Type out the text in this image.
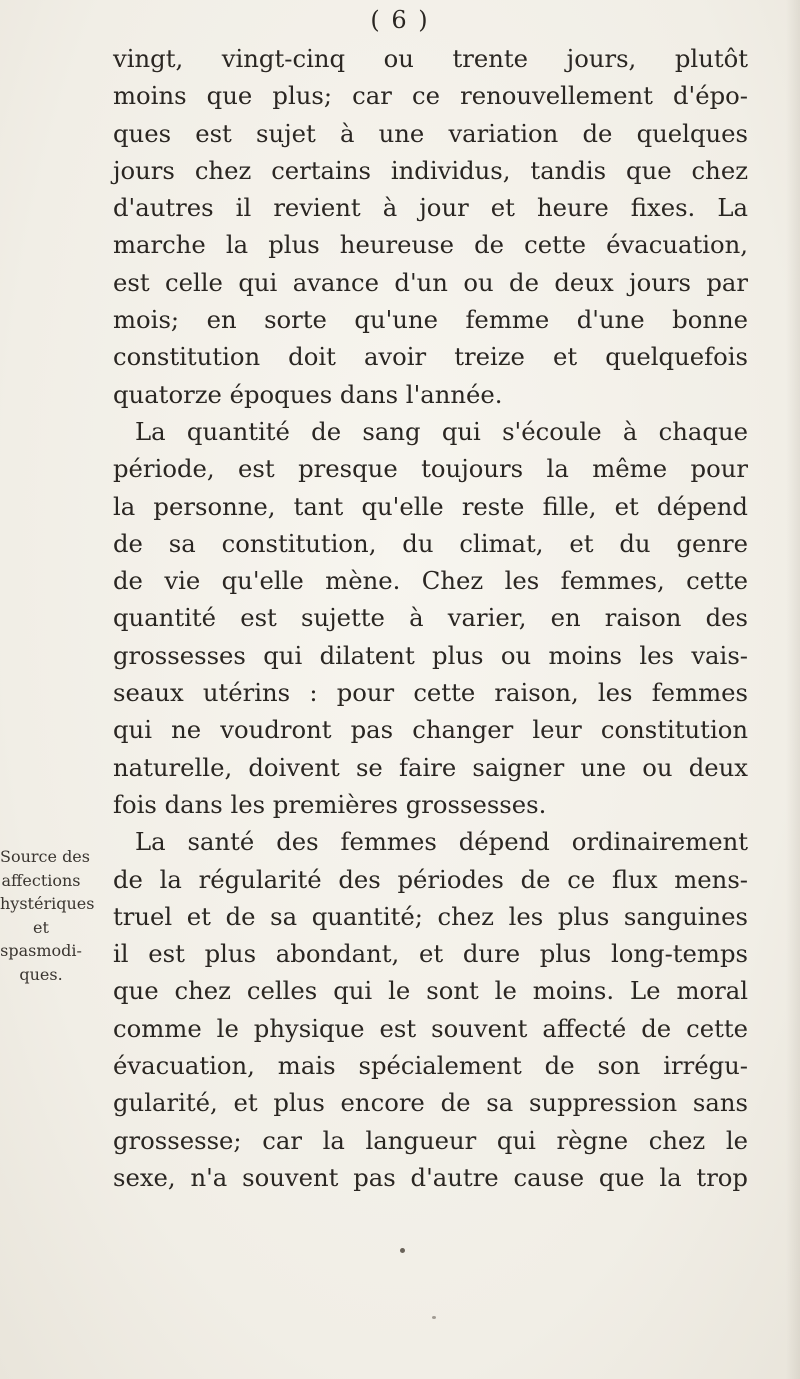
( 6 )
Source des
affections
hystériques
et
spasmodi-
ques.
vingt, vingt-cinq ou trente jours, plutôt
moins que plus; car ce renouvellement d'épo-
ques est sujet à une variation de quelques
jours chez certains individus, tandis que chez
d'autres il revient à jour et heure fixes. La
marche la plus heureuse de cette évacuation,
est celle qui avance d'un ou de deux jours par
mois; en sorte qu'une femme d'une bonne
constitution doit avoir treize et quelquefois
quatorze époques dans l'année.
La quantité de sang qui s'écoule à chaque
période, est presque toujours la même pour
la personne, tant qu'elle reste fille, et dépend
de sa constitution, du climat, et du genre
de vie qu'elle mène. Chez les femmes, cette
quantité est sujette à varier, en raison des
grossesses qui dilatent plus ou moins les vais-
seaux utérins : pour cette raison, les femmes
qui ne voudront pas changer leur constitution
naturelle, doivent se faire saigner une ou deux
fois dans les premières grossesses.
La santé des femmes dépend ordinairement
de la régularité des périodes de ce flux mens-
truel et de sa quantité; chez les plus sanguines
il est plus abondant, et dure plus long-temps
que chez celles qui le sont le moins. Le moral
comme le physique est souvent affecté de cette
évacuation, mais spécialement de son irrégu-
gularité, et plus encore de sa suppression sans
grossesse; car la langueur qui règne chez le
sexe, n'a souvent pas d'autre cause que la trop
